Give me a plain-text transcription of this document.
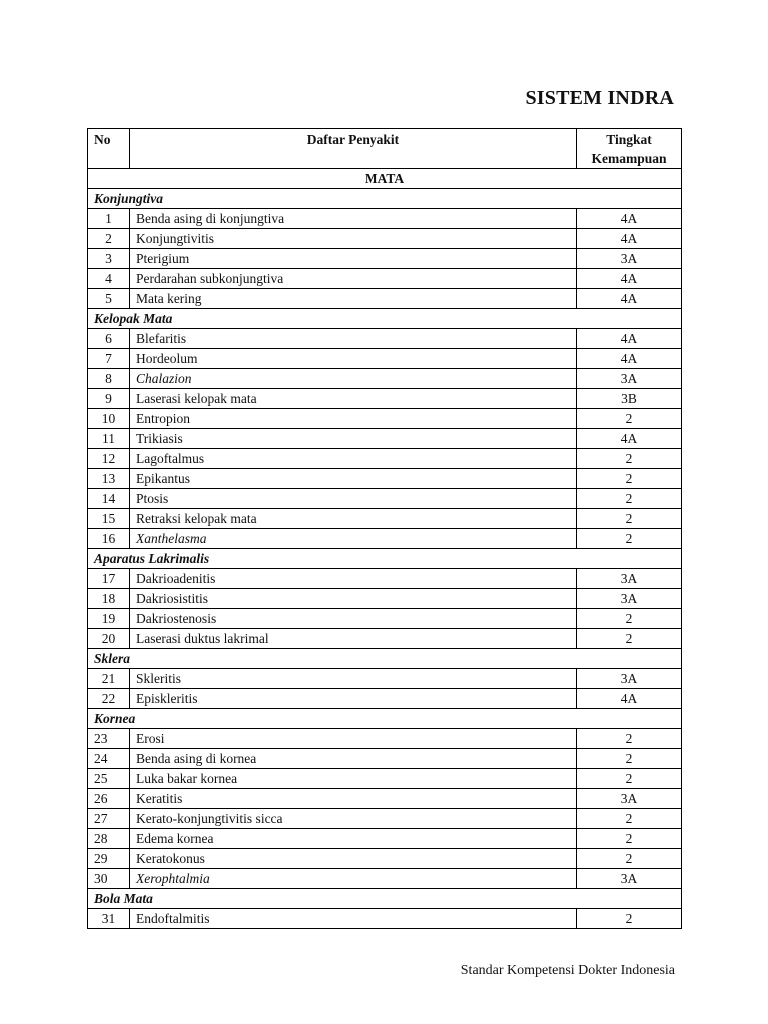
SISTEM INDRA
No	Daftar Penyakit	Tingkat
Kemampuan
MATA		
Konjungtiva		
1	Benda asing di konjungtiva	4A
2	Konjungtivitis	4A
3	Pterigium	3A
4	Perdarahan subkonjungtiva	4A
5	Mata kering	4A
Kelopak Mata		
6	Blefaritis	4A
7	Hordeolum	4A
8	Chalazion	3A
9	Laserasi kelopak mata	3B
10	Entropion	2
11	Trikiasis	4A
12	Lagoftalmus	2
13	Epikantus	2
14	Ptosis	2
15	Retraksi kelopak mata	2
16	Xanthelasma	2
Aparatus Lakrimalis		
17	Dakrioadenitis	3A
18	Dakriosistitis	3A
19	Dakriostenosis	2
20	Laserasi duktus lakrimal	2
Sklera		
21	Skleritis	3A
22	Episkleritis	4A
Kornea		
23	Erosi	2
24	Benda asing di kornea	2
25	Luka bakar kornea	2
26	Keratitis	3A
27	Kerato-konjungtivitis sicca	2
28	Edema kornea	2
29	Keratokonus	2
30	Xerophtalmia	3A
Bola Mata		
31	Endoftalmitis	2
Standar Kompetensi Dokter Indonesia
